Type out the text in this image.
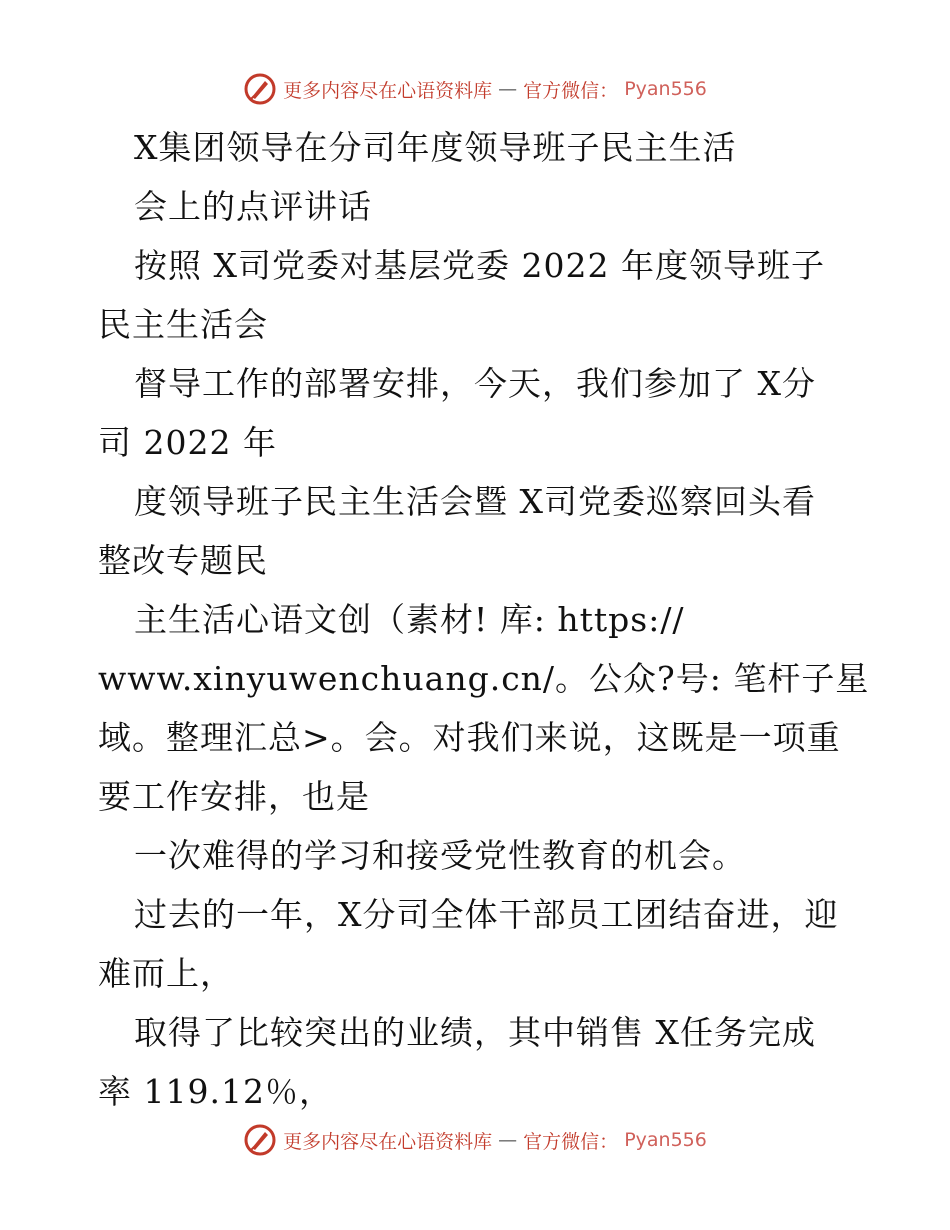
更多内容尽在心语资料库 — 官方微信： Pyan556
X集团领导在分司年度领导班子民主生活
会上的点评讲话
按照 X司党委对基层党委 2022 年度领导班子
民主生活会
督导工作的部署安排，今天，我们参加了 X分
司 2022 年
度领导班子民主生活会暨 X司党委巡察回头看
整改专题民
主生活心语文创（素材! 库: https://
www.xinyuwenchuang.cn/。公众?号: 笔杆子星
域。整理汇总>。会。对我们来说，这既是一项重
要工作安排，也是
一次难得的学习和接受党性教育的机会。
过去的一年，X分司全体干部员工团结奋进，迎
难而上，
取得了比较突出的业绩，其中销售 X任务完成
率 119.12％，
更多内容尽在心语资料库 — 官方微信： Pyan556
